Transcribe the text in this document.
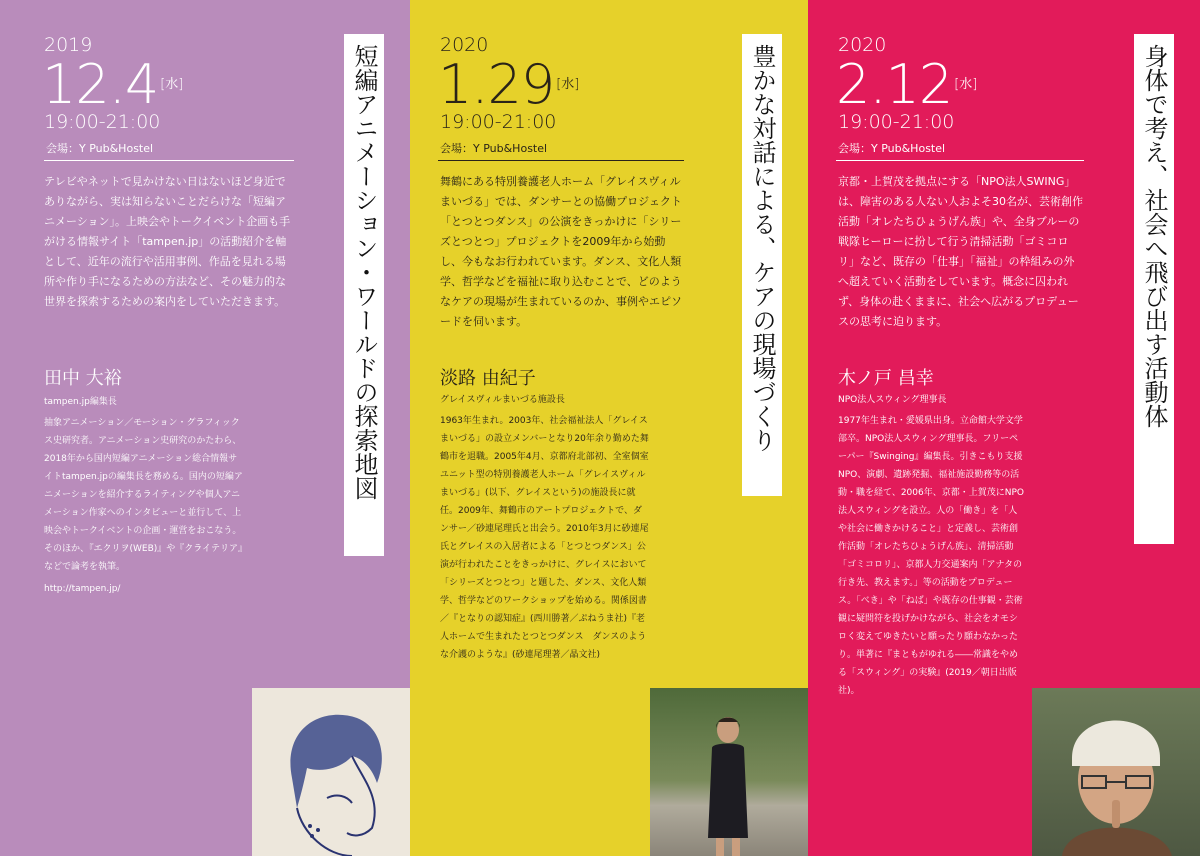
2019
12.4 [水]
19:00-21:00
会場：Y Pub&Hostel
テレビやネットで見かけない日はないほど身近でありながら、実は知らないことだらけな「短編アニメーション」。上映会やトークイベント企画も手がける情報サイト「tampen.jp」の活動紹介を軸として、近年の流行や活用事例、作品を見れる場所や作り手になるための方法など、その魅力的な世界を探索するための案内をしていただきます。
田中 大裕
tampen.jp編集長
抽象アニメーション／モーション・グラフィックス史研究者。アニメーション史研究のかたわら、2018年から国内短編アニメーション総合情報サイトtampen.jpの編集長を務める。国内の短編アニメーションを紹介するライティングや個人アニメーション作家へのインタビューと並行して、上映会やトークイベントの企画・運営をおこなう。そのほか、『エクリヲ(WEB)』や『クライテリア』などで論考を執筆。
http://tampen.jp/
短編アニメーション・ワールドの探索地図	2020
1.29 [水]
19:00-21:00
会場：Y Pub&Hostel
舞鶴にある特別養護老人ホーム「グレイスヴィルまいづる」では、ダンサーとの協働プロジェクト「とつとつダンス」の公演をきっかけに「シリーズとつとつ」プロジェクトを2009年から始動し、今もなお行われています。ダンス、文化人類学、哲学などを福祉に取り込むことで、どのようなケアの現場が生まれているのか、事例やエピソードを伺います。
淡路 由紀子
グレイスヴィルまいづる施設長
1963年生まれ。2003年、社会福祉法人「グレイスまいづる」の設立メンバーとなり20年余り勤めた舞鶴市を退職。2005年4月、京都府北部初、全室個室ユニット型の特別養護老人ホーム「グレイスヴィルまいづる」(以下、グレイスという)の施設長に就任。2009年、舞鶴市のアートプロジェクトで、ダンサー／砂連尾理氏と出会う。2010年3月に砂連尾氏とグレイスの入居者による「とつとつダンス」公演が行われたことをきっかけに、グレイスにおいて「シリーズとつとつ」と題した、ダンス、文化人類学、哲学などのワークショップを始める。関係図書／『となりの認知症』(西川勝著／ぷねうま社)『老人ホームで生まれたとつとつダンス　ダンスのような介護のような』(砂連尾理著／晶文社)
豊かな対話による、ケアの現場づくり	2020
2.12 [水]
19:00-21:00
会場：Y Pub&Hostel
京都・上賀茂を拠点にする「NPO法人SWING」は、障害のある人ない人およそ30名が、芸術創作活動「オレたちひょうげん族」や、全身ブルーの戦隊ヒーローに扮して行う清掃活動「ゴミコロリ」など、既存の「仕事」「福祉」の枠組みの外へ超えていく活動をしています。概念に囚われず、身体の赴くままに、社会へ広がるプロデュースの思考に迫ります。
木ノ戸 昌幸
NPO法人スウィング理事長
1977年生まれ・愛媛県出身。立命館大学文学部卒。NPO法人スウィング理事長。フリーペーパー『Swinging』編集長。引きこもり支援NPO、演劇、遺跡発掘、福祉施設勤務等の活動・職を経て、2006年、京都・上賀茂にNPO法人スウィングを設立。人の「働き」を「人や社会に働きかけること」と定義し、芸術創作活動「オレたちひょうげん族」、清掃活動「ゴミコロリ」、京都人力交通案内「アナタの行き先、教えます。」等の活動をプロデュース。「べき」や「ねば」や既存の仕事観・芸術観に疑問符を投げかけながら、社会をオモシロく変えてゆきたいと願ったり願わなかったり。単著に『まともがゆれる――常識をやめる「スウィング」の実験』(2019／朝日出版社)。
身体で考え、社会へ飛び出す活動体
